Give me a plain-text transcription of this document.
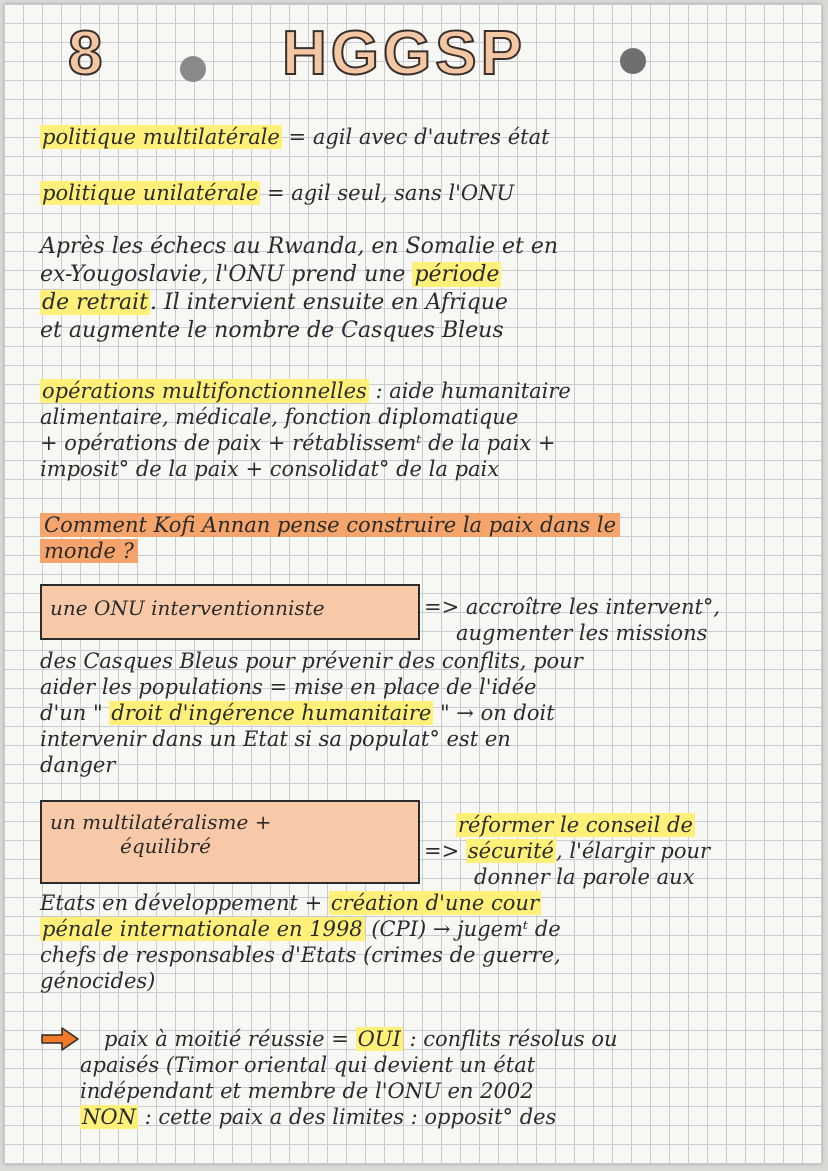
8	HGGSP
politique multilatérale = agil avec d'autres état
politique unilatérale = agil seul, sans l'ONU
Après les échecs au Rwanda, en Somalie et en
ex-Yougoslavie, l'ONU prend une période
de retrait. Il intervient ensuite en Afrique
et augmente le nombre de Casques Bleus
opérations multifonctionnelles : aide humanitaire
alimentaire, médicale, fonction diplomatique
+ opérations de paix + rétablissemᵗ de la paix +
imposit° de la paix + consolidat° de la paix
Comment Kofi Annan pense construire la paix dans le
monde ?
une ONU interventionniste	=> accroître les intervent°,
augmenter les missions
des Casques Bleus pour prévenir des conflits, pour
aider les populations = mise en place de l'idée
d'un " droit d'ingérence humanitaire " → on doit
intervenir dans un Etat si sa populat° est en
danger
un multilatéralisme +
équilibré
réformer le conseil de
=> sécurité, l'élargir pour
donner la parole aux
Etats en développement + création d'une cour
pénale internationale en 1998 (CPI) → jugemᵗ de
chefs de responsables d'Etats (crimes de guerre,
génocides)
paix à moitié réussie = OUI : conflits résolus ou
apaisés (Timor oriental qui devient un état
indépendant et membre de l'ONU en 2002
NON : cette paix a des limites : opposit° des
